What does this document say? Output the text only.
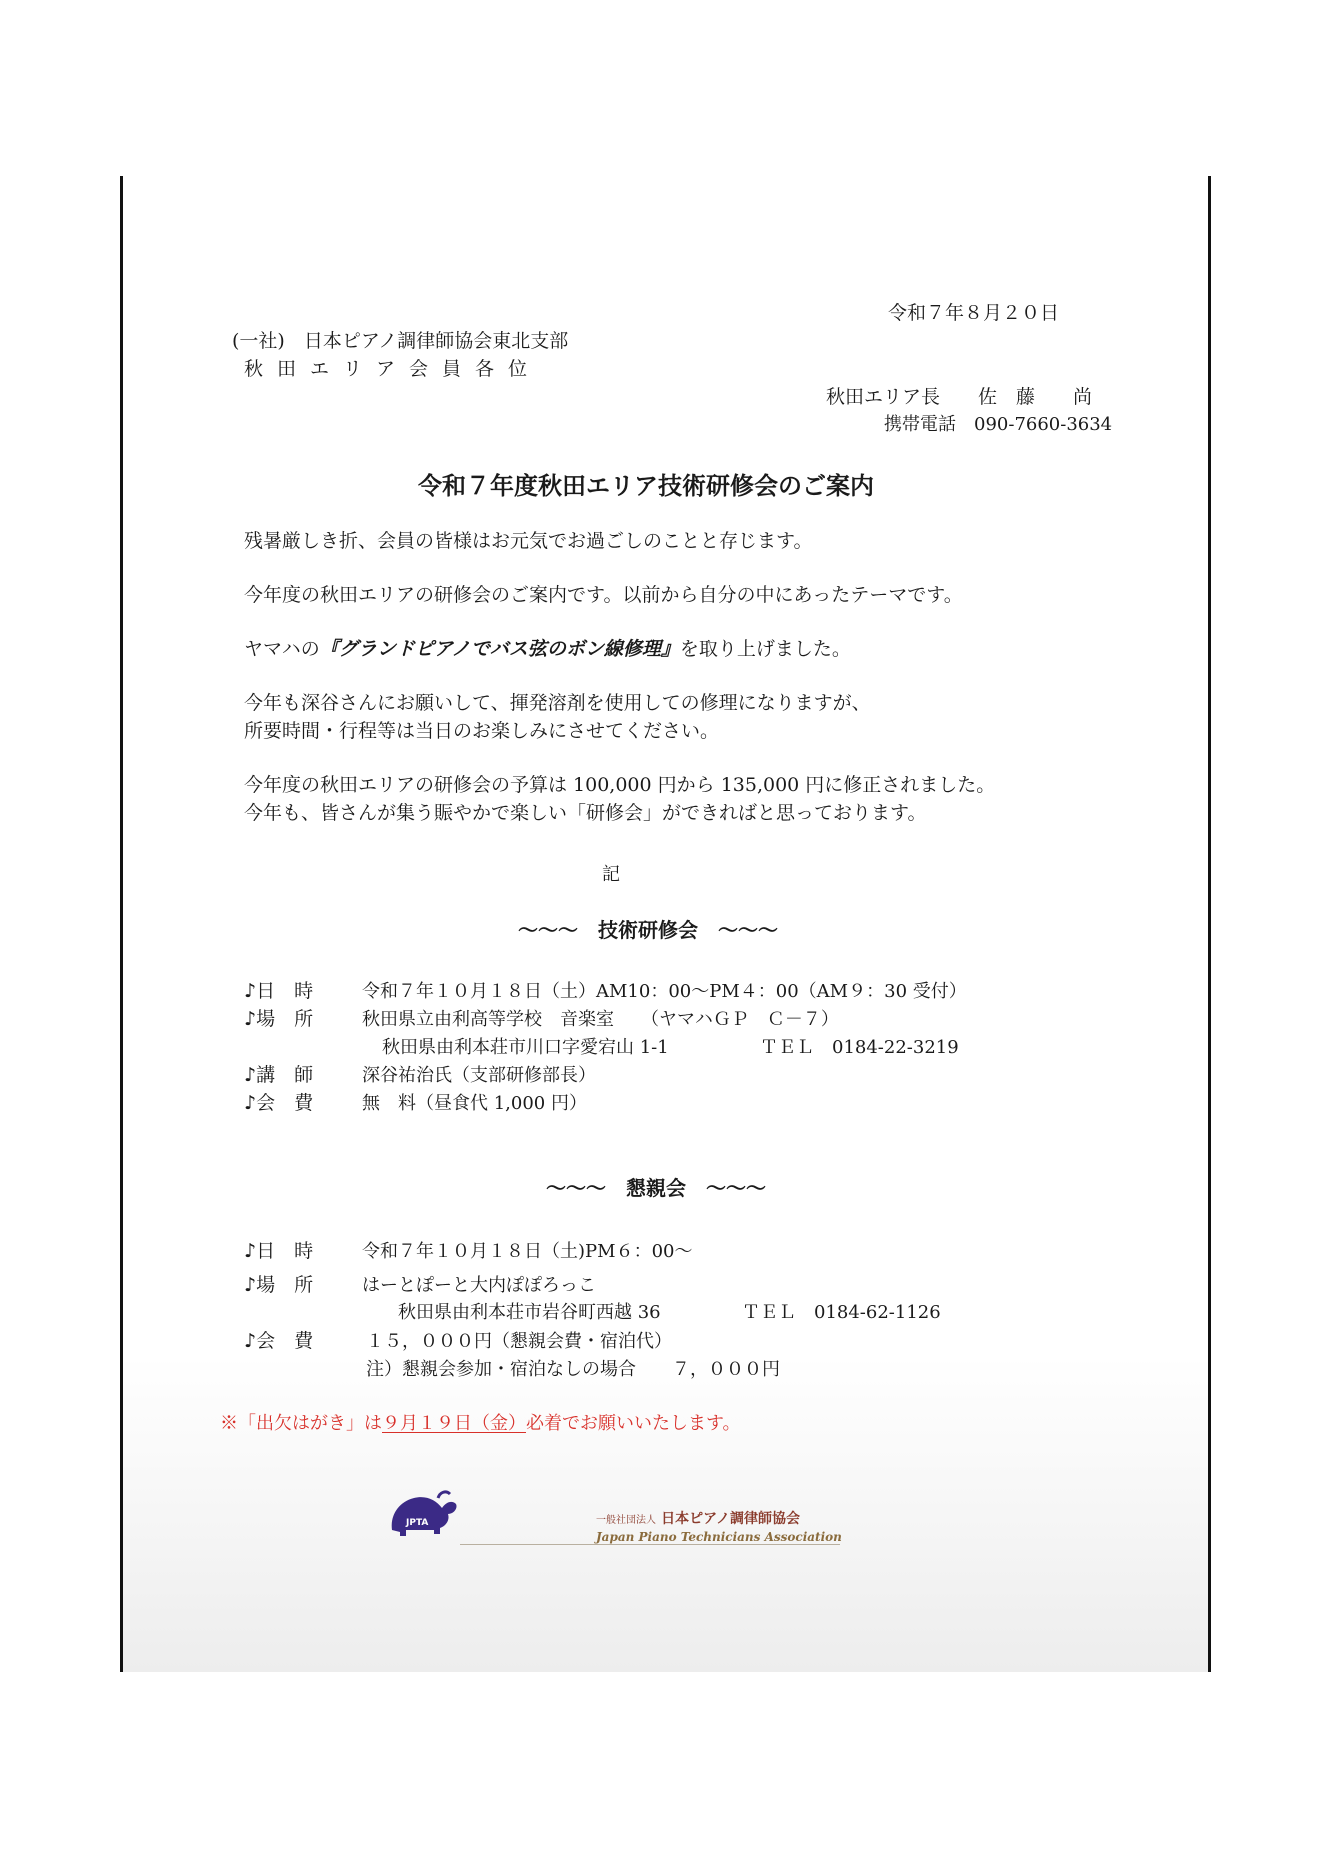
令和７年８月２０日
(一社)　日本ピアノ調律師協会東北支部
秋田エリア会員各位
秋田エリア長　　佐　藤　　尚
携帯電話　090-7660-3634
令和７年度秋田エリア技術研修会のご案内
残暑厳しき折、会員の皆様はお元気でお過ごしのことと存じます。
今年度の秋田エリアの研修会のご案内です。以前から自分の中にあったテーマです。
ヤマハの『グランドピアノでバス弦のボン線修理』を取り上げました。
今年も深谷さんにお願いして、揮発溶剤を使用しての修理になりますが、
所要時間・行程等は当日のお楽しみにさせてください。
今年度の秋田エリアの研修会の予算は 100,000 円から 135,000 円に修正されました。
今年も、皆さんが集う賑やかで楽しい「研修会」ができればと思っております。
記
～～～　技術研修会　～～～
♪日　時	令和７年１０月１８日（土）AM10：00～PM４：00（AM９：30 受付）
♪場　所	秋田県立由利高等学校　音楽室　　（ヤマハＧＰ　Ｃ－７）
秋田県由利本荘市川口字愛宕山 1-1	ＴＥＬ　0184-22-3219
♪講　師	深谷祐治氏（支部研修部長）
♪会　費	無　料（昼食代 1,000 円）
～～～　懇親会　～～～
♪日　時	令和７年１０月１８日（土)PM６：00～
♪場　所	はーとぽーと大内ぽぽろっこ
秋田県由利本荘市岩谷町西越 36	ＴＥＬ　0184-62-1126
♪会　費	１５，０００円（懇親会費・宿泊代）
注）懇親会参加・宿泊なしの場合　　７，０００円
※「出欠はがき」は９月１９日（金）必着でお願いいたします。
JPTA	一般社団法人 日本ピアノ調律師協会
Japan Piano Technicians Association
